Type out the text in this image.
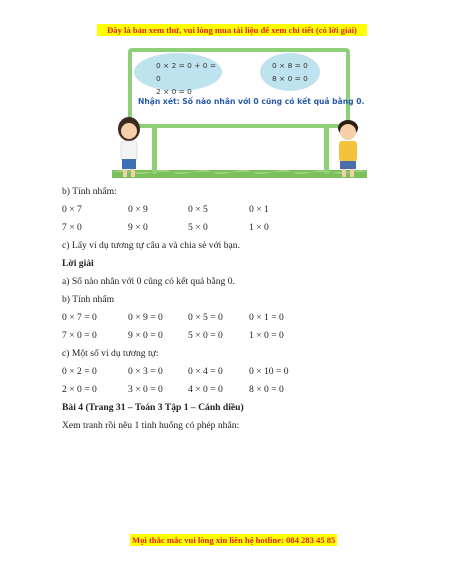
Đây là bản xem thử, vui lòng mua tài liệu để xem chi tiết (có lời giải)
0 × 2 = 0 + 0 = 0
2 × 0 = 0
0 × 8 = 0
8 × 0 = 0
Nhận xét: Số nào nhân với 0 cũng có kết quả bằng 0.
b) Tính nhẩm:
0 × 7	0 × 9	0 × 5	0 × 1
7 × 0	9 × 0	5 × 0	1 × 0
c) Lấy ví dụ tương tự câu a và chia sẻ với bạn.
Lời giải
a) Số nào nhân với 0 cũng có kết quả bằng 0.
b) Tính nhẩm
0 × 7 = 0	0 × 9 = 0	0 × 5 = 0	0 × 1 = 0
7 × 0 = 0	9 × 0 = 0	5 × 0 = 0	1 × 0 = 0
c) Một số ví dụ tương tự:
0 × 2 = 0	0 × 3 = 0	0 × 4 = 0	0 × 10 = 0
2 × 0 = 0	3 × 0 = 0	4 × 0 = 0	8 × 0 = 0
Bài 4 (Trang 31 – Toán 3 Tập 1 – Cánh diều)
Xem tranh rồi nêu 1 tình huống có phép nhân:
Mọi thắc mắc vui lòng xin liên hệ hotline: 084 283 45 85
